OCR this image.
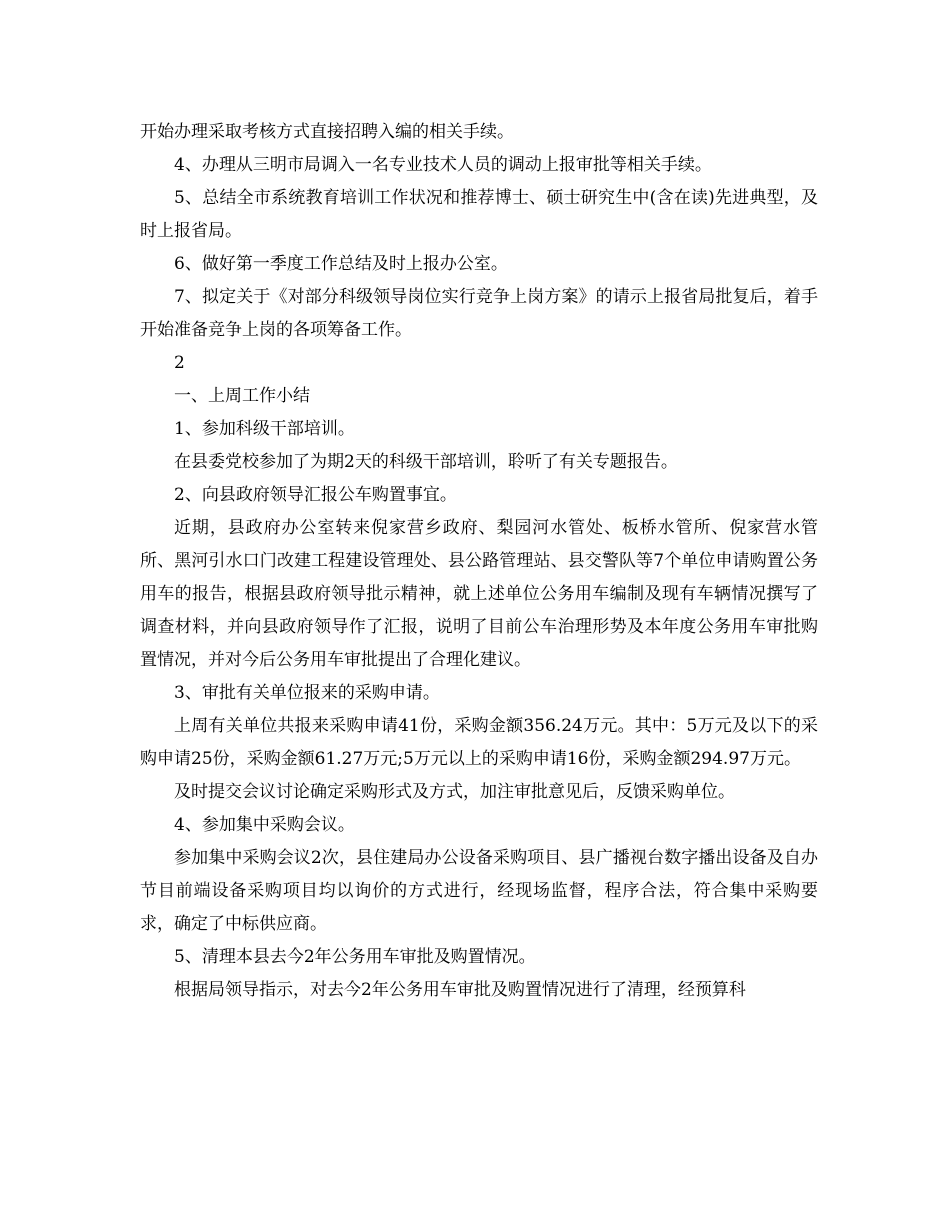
开始办理采取考核方式直接招聘入编的相关手续。

4、办理从三明市局调入一名专业技术人员的调动上报审批等相关手续。

5、总结全市系统教育培训工作状况和推荐博士、硕士研究生中(含在读)先进典型，及时上报省局。

6、做好第一季度工作总结及时上报办公室。

7、拟定关于《对部分科级领导岗位实行竞争上岗方案》的请示上报省局批复后，着手开始准备竞争上岗的各项筹备工作。

2

一、上周工作小结

1、参加科级干部培训。

在县委党校参加了为期2天的科级干部培训，聆听了有关专题报告。

2、向县政府领导汇报公车购置事宜。

近期，县政府办公室转来倪家营乡政府、梨园河水管处、板桥水管所、倪家营水管所、黑河引水口门改建工程建设管理处、县公路管理站、县交警队等7个单位申请购置公务用车的报告，根据县政府领导批示精神，就上述单位公务用车编制及现有车辆情况撰写了调查材料，并向县政府领导作了汇报，说明了目前公车治理形势及本年度公务用车审批购置情况，并对今后公务用车审批提出了合理化建议。

3、审批有关单位报来的采购申请。

上周有关单位共报来采购申请41份，采购金额356.24万元。其中：5万元及以下的采购申请25份，采购金额61.27万元;5万元以上的采购申请16份，采购金额294.97万元。

及时提交会议讨论确定采购形式及方式，加注审批意见后，反馈采购单位。

4、参加集中采购会议。

参加集中采购会议2次，县住建局办公设备采购项目、县广播视台数字播出设备及自办节目前端设备采购项目均以询价的方式进行，经现场监督，程序合法，符合集中采购要求，确定了中标供应商。

5、清理本县去今2年公务用车审批及购置情况。

根据局领导指示，对去今2年公务用车审批及购置情况进行了清理，经预算科
